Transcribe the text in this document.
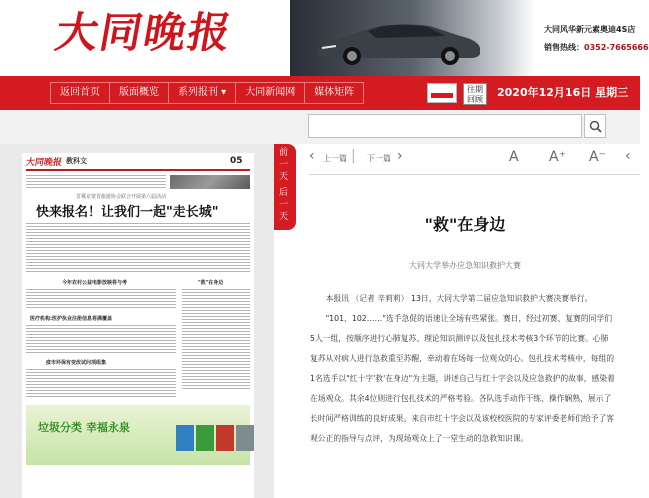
大同晚报	大同风华新元素奥迪4S店
销售热线：0352-7665666
返回首页	版面概览	系列报刊 ▾	大同新闻网	媒体矩阵	往期回顾
2020年12月16日 星期三
大同晚报 教科文	05
晋冀京蒙晋旅游协会联合开展第六届活动
快来报名！让我们一起"走长城"
今年农村公益电影放映将与考	"救"在身边
医疗机构:医护执业注册信息将满覆盖
疫市环保有变改试问项组集
垃圾分类 幸福永泉
前
一
天
后
一
天
‹ 上一篇 | 下一篇 ›	A A⁺ A⁻ ‹
"救"在身边
大同大学举办应急知识救护大赛

本报讯 （记者 辛莉莉） 13日，大同大学第二届应急知识救护大赛决赛举行。

"101、102……"选手急促的语速让全场有些紧张。赛日，经过初赛、复赛的同学们5人一组，按顺序进行心肺复苏、理论知识测评以及包扎技术考核3个环节的比赛。心肺复苏从对病人进行急救重至苏醒，牵动着在场每一位观众的心。包扎技术考核中，每组的1名选手以"红十字'救'在身边"为主题，讲述自己与红十字会以及应急救护的故事，感染着在场观众。其余4位则进行包扎技术的严格考验。各队选手动作干练、操作娴熟，展示了长时间严格训练的良好成果。来自市红十字会以及该校校医院的专家评委老师们给予了客观公正的指导与点评，为现场观众上了一堂生动的急救知识课。
